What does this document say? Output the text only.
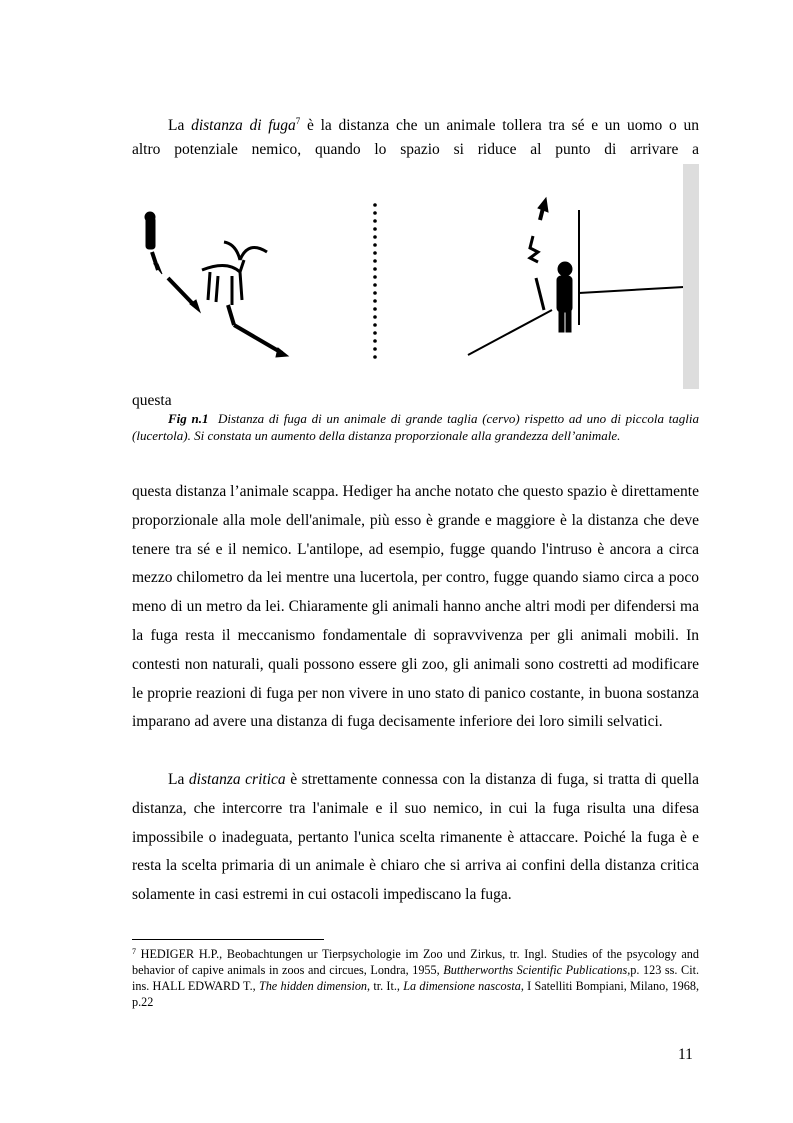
La distanza di fuga$^7$ è la distanza che un animale tollera tra sé e un uomo o un
altro potenziale nemico, quando lo spazio si riduce al punto di arrivare a
questa
Fig n.1 Distanza di fuga di un animale di grande taglia (cervo) rispetto ad uno di piccola taglia (lucertola). Si constata un aumento della distanza proporzionale alla grandezza dell’animale.
questa distanza l’animale scappa. Hediger ha anche notato che questo spazio è direttamente proporzionale alla mole dell'animale, più esso è grande e maggiore è la distanza che deve tenere tra sé e il nemico. L'antilope, ad esempio, fugge quando l'intruso è ancora a circa mezzo chilometro da lei mentre una lucertola, per contro, fugge quando siamo circa a poco meno di un metro da lei. Chiaramente gli animali hanno anche altri modi per difendersi ma la fuga resta il meccanismo fondamentale di sopravvivenza per gli animali mobili. In contesti non naturali, quali possono essere gli zoo, gli animali sono costretti ad modificare le proprie reazioni di fuga per non vivere in uno stato di panico costante, in buona sostanza imparano ad avere una distanza di fuga decisamente inferiore dei loro simili selvatici.
La distanza critica è strettamente connessa con la distanza di fuga, si tratta di quella distanza, che intercorre tra l'animale e il suo nemico, in cui la fuga risulta una difesa impossibile o inadeguata, pertanto l'unica scelta rimanente è attaccare. Poiché la fuga è e resta la scelta primaria di un animale è chiaro che si arriva ai confini della distanza critica solamente in casi estremi in cui ostacoli impediscano la fuga.
$^7$ HEDIGER H.P., Beobachtungen ur Tierpsychologie im Zoo und Zirkus, tr. Ingl. Studies of the psycology and behavior of capive animals in zoos and circues, Londra, 1955, Buttherworths Scientific Publications,p. 123 ss. Cit. ins. HALL EDWARD T., The hidden dimension, tr. It., La dimensione nascosta, I Satelliti Bompiani, Milano, 1968, p.22
11
